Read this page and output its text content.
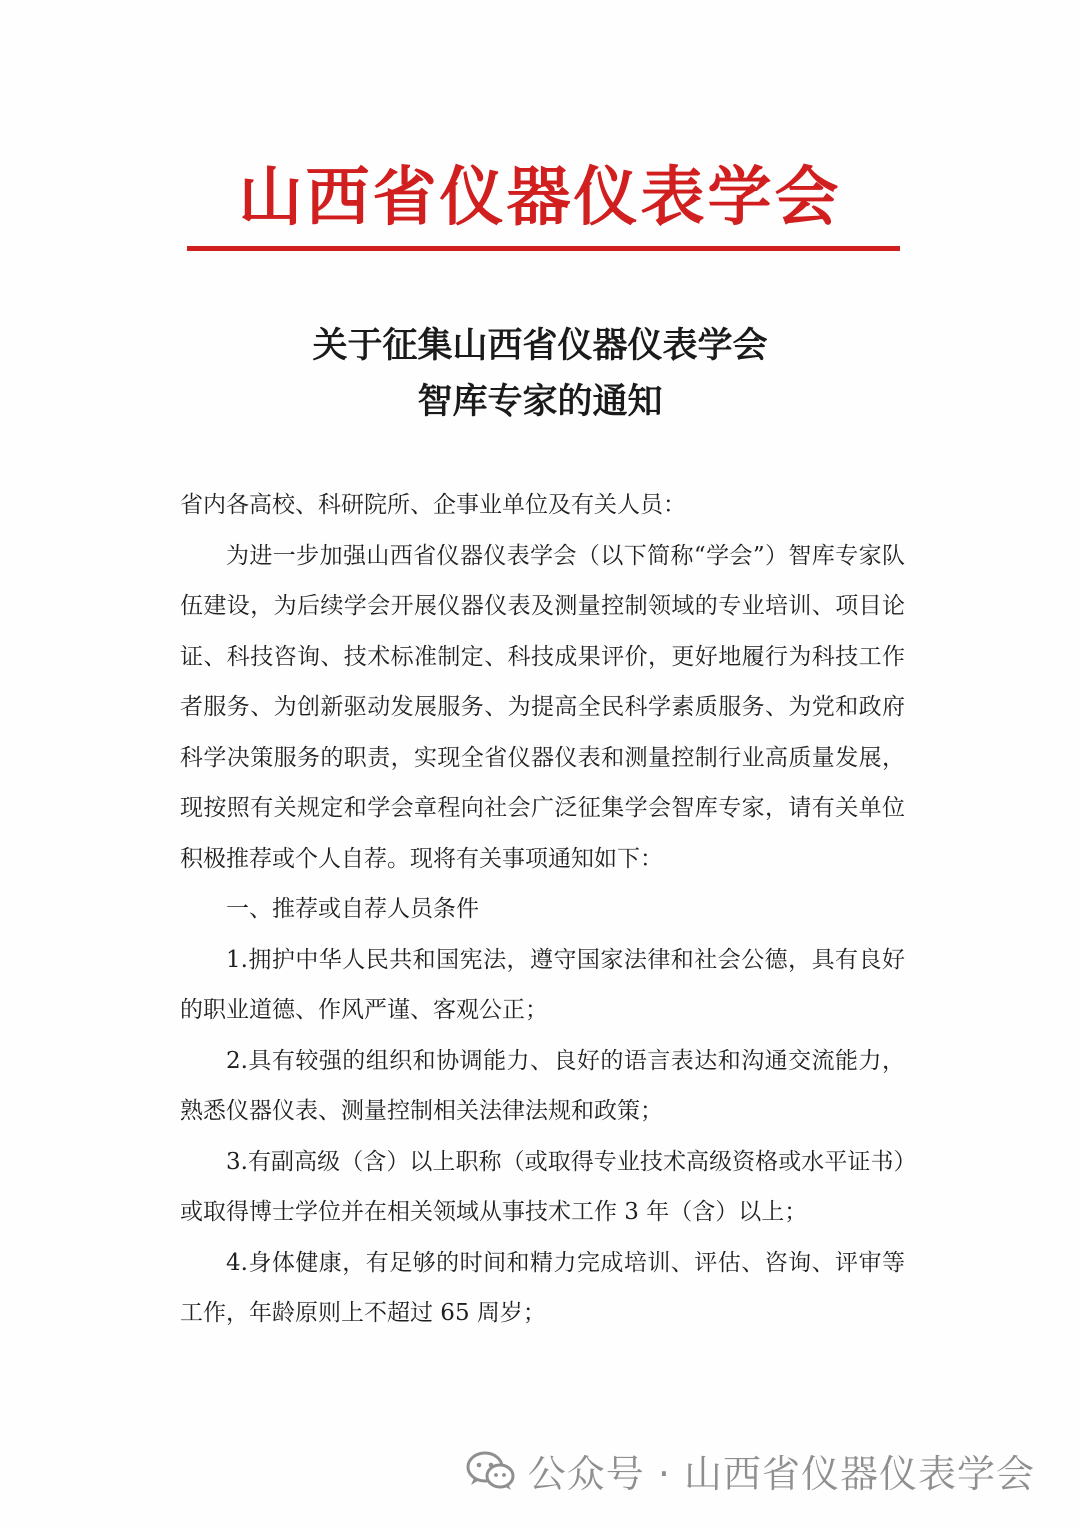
山西省仪器仪表学会
关于征集山西省仪器仪表学会
智库专家的通知

省内各高校、科研院所、企事业单位及有关人员：

为进一步加强山西省仪器仪表学会（以下简称“学会”）智库专家队伍建设，为后续学会开展仪器仪表及测量控制领域的专业培训、项目论证、科技咨询、技术标准制定、科技成果评价，更好地履行为科技工作者服务、为创新驱动发展服务、为提高全民科学素质服务、为党和政府科学决策服务的职责，实现全省仪器仪表和测量控制行业高质量发展，现按照有关规定和学会章程向社会广泛征集学会智库专家，请有关单位积极推荐或个人自荐。现将有关事项通知如下：

一、推荐或自荐人员条件

1.拥护中华人民共和国宪法，遵守国家法律和社会公德，具有良好的职业道德、作风严谨、客观公正；

2.具有较强的组织和协调能力、良好的语言表达和沟通交流能力，熟悉仪器仪表、测量控制相关法律法规和政策；

3.有副高级（含）以上职称（或取得专业技术高级资格或水平证书）或取得博士学位并在相关领域从事技术工作 3 年（含）以上；

4.身体健康，有足够的时间和精力完成培训、评估、咨询、评审等工作，年龄原则上不超过 65 周岁；

公众号 · 山西省仪器仪表学会
